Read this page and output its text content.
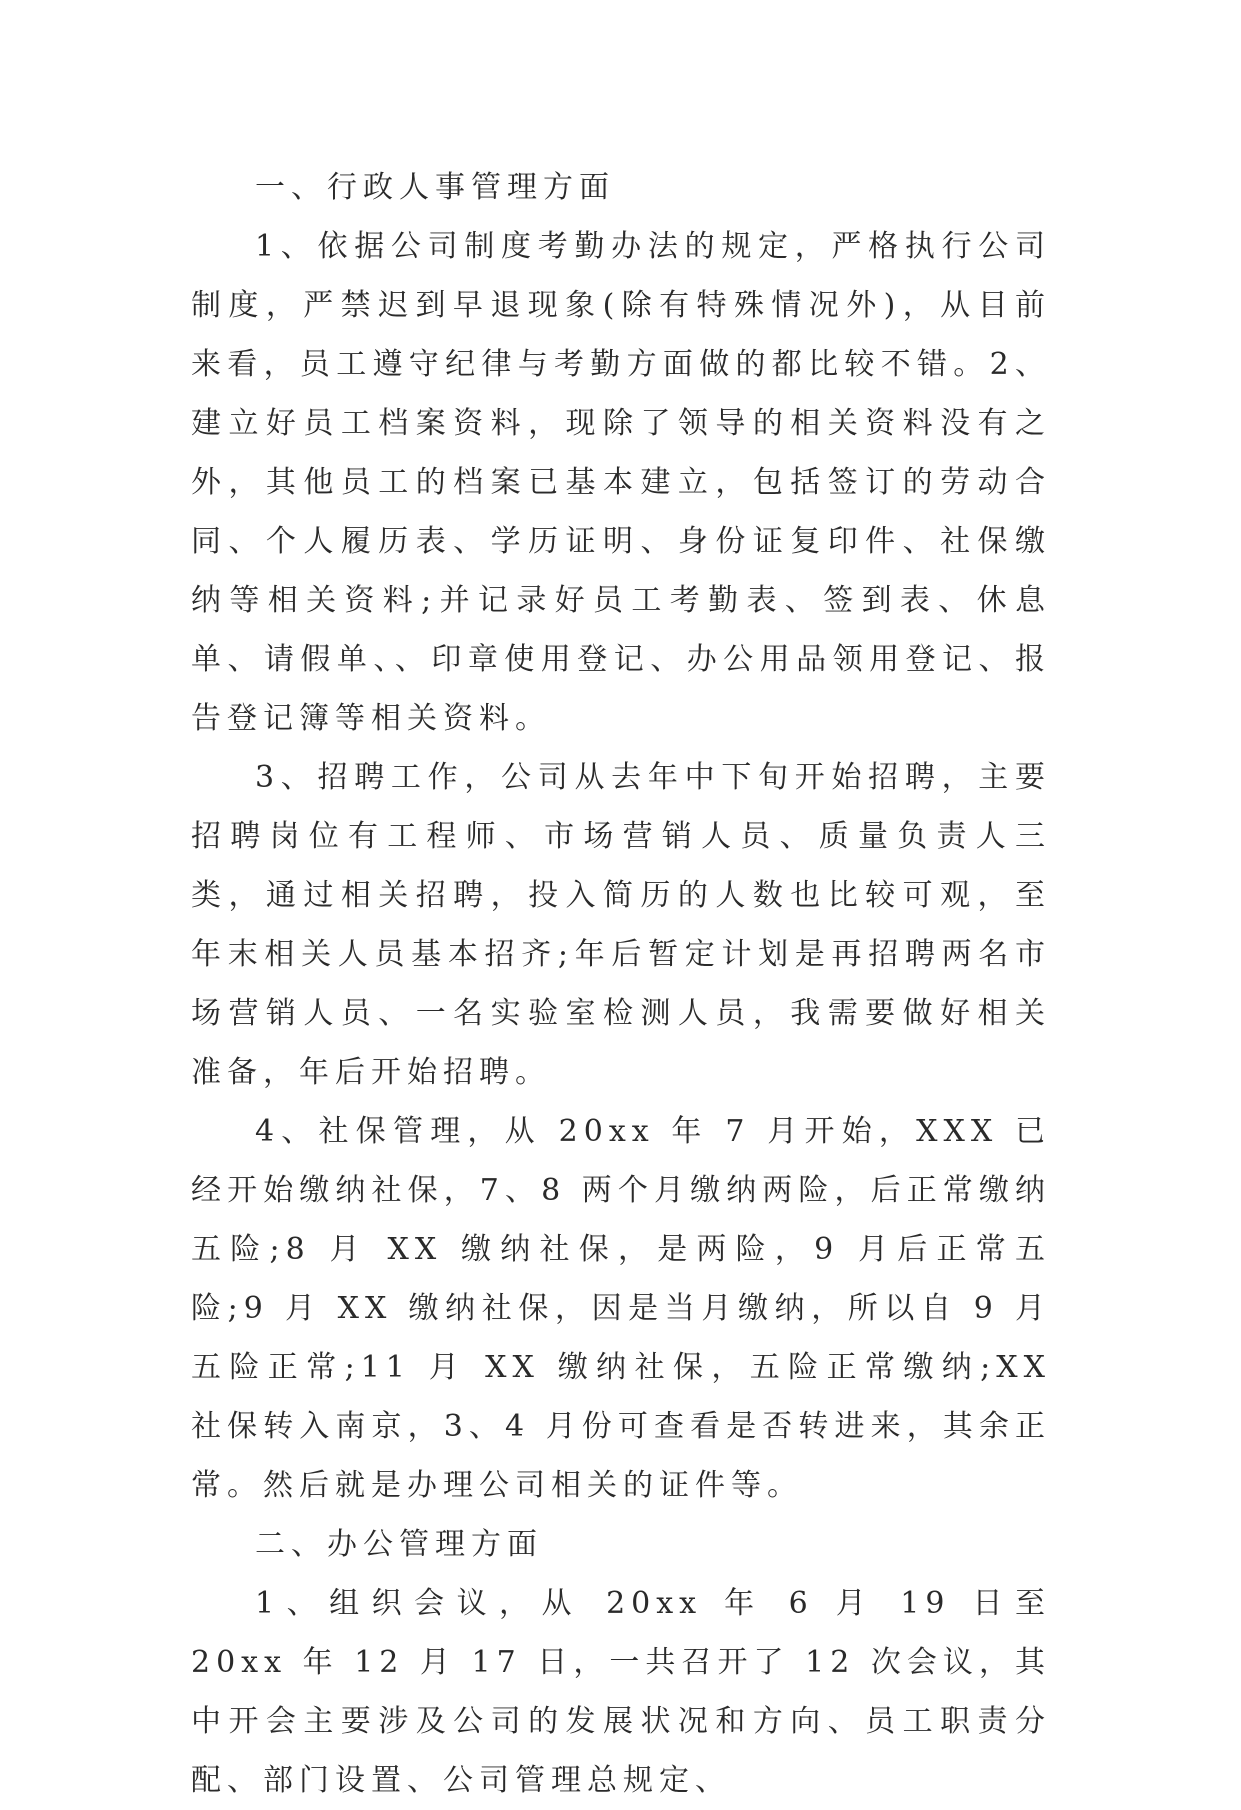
一、行政人事管理方面

1、依据公司制度考勤办法的规定，严格执行公司制度，严禁迟到早退现象(除有特殊情况外)，从目前来看，员工遵守纪律与考勤方面做的都比较不错。2、建立好员工档案资料，现除了领导的相关资料没有之外，其他员工的档案已基本建立，包括签订的劳动合同、个人履历表、学历证明、身份证复印件、社保缴纳等相关资料;并记录好员工考勤表、签到表、休息单、请假单、、印章使用登记、办公用品领用登记、报告登记簿等相关资料。

3、招聘工作，公司从去年中下旬开始招聘，主要招聘岗位有工程师、市场营销人员、质量负责人三类，通过相关招聘，投入简历的人数也比较可观，至年末相关人员基本招齐;年后暂定计划是再招聘两名市场营销人员、一名实验室检测人员，我需要做好相关准备，年后开始招聘。

4、社保管理，从 20xx 年 7 月开始，XXX 已经开始缴纳社保，7、8 两个月缴纳两险，后正常缴纳五险;8 月 XX 缴纳社保，是两险，9 月后正常五险;9 月 XX 缴纳社保，因是当月缴纳，所以自 9 月五险正常;11 月 XX 缴纳社保，五险正常缴纳;XX 社保转入南京，3、4 月份可查看是否转进来，其余正常。然后就是办理公司相关的证件等。

二、办公管理方面

1、组织会议，从 20xx 年 6 月 19 日至 20xx 年 12 月 17 日，一共召开了 12 次会议，其中开会主要涉及公司的发展状况和方向、员工职责分配、部门设置、公司管理总规定、
